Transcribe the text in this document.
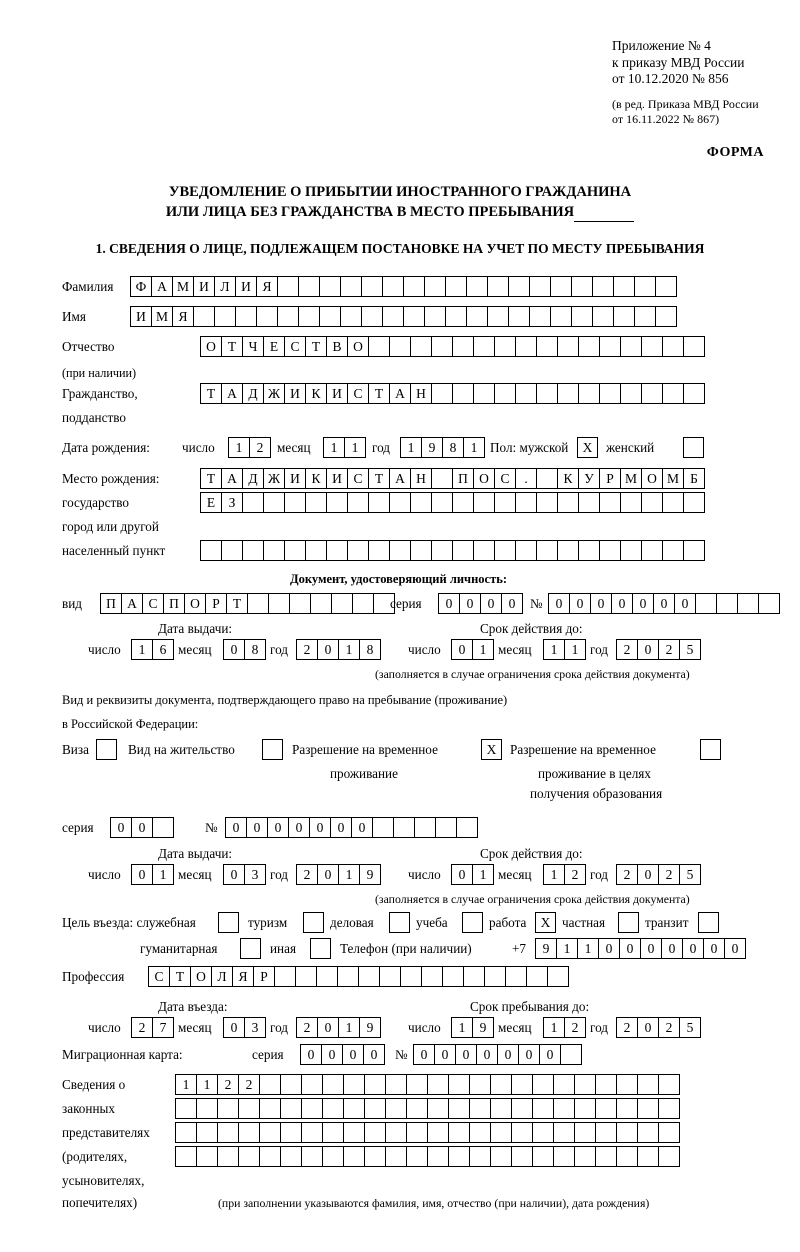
Приложение № 4
к приказу МВД России
от 10.12.2020 № 856
(в ред. Приказа МВД России
от 16.11.2022 № 867)
ФОРМА
УВЕДОМЛЕНИЕ О ПРИБЫТИИ ИНОСТРАННОГО ГРАЖДАНИНА
ИЛИ ЛИЦА БЕЗ ГРАЖДАНСТВА В МЕСТО ПРЕБЫВАНИЯ
1. СВЕДЕНИЯ О ЛИЦЕ, ПОДЛЕЖАЩЕМ ПОСТАНОВКЕ НА УЧЕТ ПО МЕСТУ ПРЕБЫВАНИЯ
Фамилия	Ф А М И Л И Я
Имя	И М Я
Отчество	О Т Ч Е С Т В О
(при наличии)
Гражданство,	Т А Д Ж И К И С Т А Н
подданство
Дата рождения: число	1	2	месяц	1	1	год	1	9	8	1 Пол: мужской	X	женский
Место рождения:	Т А Д Ж И К И С Т А Н	П О С	.	К У Р М О М Б
государство	Е З
город или другой
населенный пункт
Документ, удостоверяющий личность:
вид	П А С П О Р Т	серия	0	0	0	0	№ 0	0	0	0	0	0	0
Дата выдачи:	Срок действия до:
число	1	6 месяц	0	8 год	2	0	1	8	число	0	1 месяц	1	1 год	2	0	2	5
(заполняется в случае ограничения срока действия документа)
Вид и реквизиты документа, подтверждающего право на пребывание (проживание)
в Российской Федерации:
Виза	Вид на жительство	Разрешение на временное	X	Разрешение на временное
проживание	проживание в целях
получения образования
серия	0	0	№	0	0	0	0	0	0	0
Дата выдачи:	Срок действия до:
число	0	1 месяц	0	3 год	2	0	1	9	число	0	1 месяц	1	2 год	2	0	2	5
(заполняется в случае ограничения срока действия документа)
Цель въезда: служебная	туризм	деловая	учеба	работа	X частная	транзит
гуманитарная	иная	Телефон (при наличии)	+7	9	1	1	0	0	0	0	0	0	0
Профессия	С Т О Л Я Р
Дата въезда:	Срок пребывания до:
число	2	7 месяц	0	3 год	2	0	1	9	число	1	9 месяц	1	2 год	2	0	2	5
Миграционная карта:	серия	0	0	0	0	№ 0	0	0	0	0	0	0
Сведения о	1	1	2	2
законных
представителях
(родителях,
усыновителях,
попечителях)	(при заполнении указываются фамилия, имя, отчество (при наличии), дата рождения)
